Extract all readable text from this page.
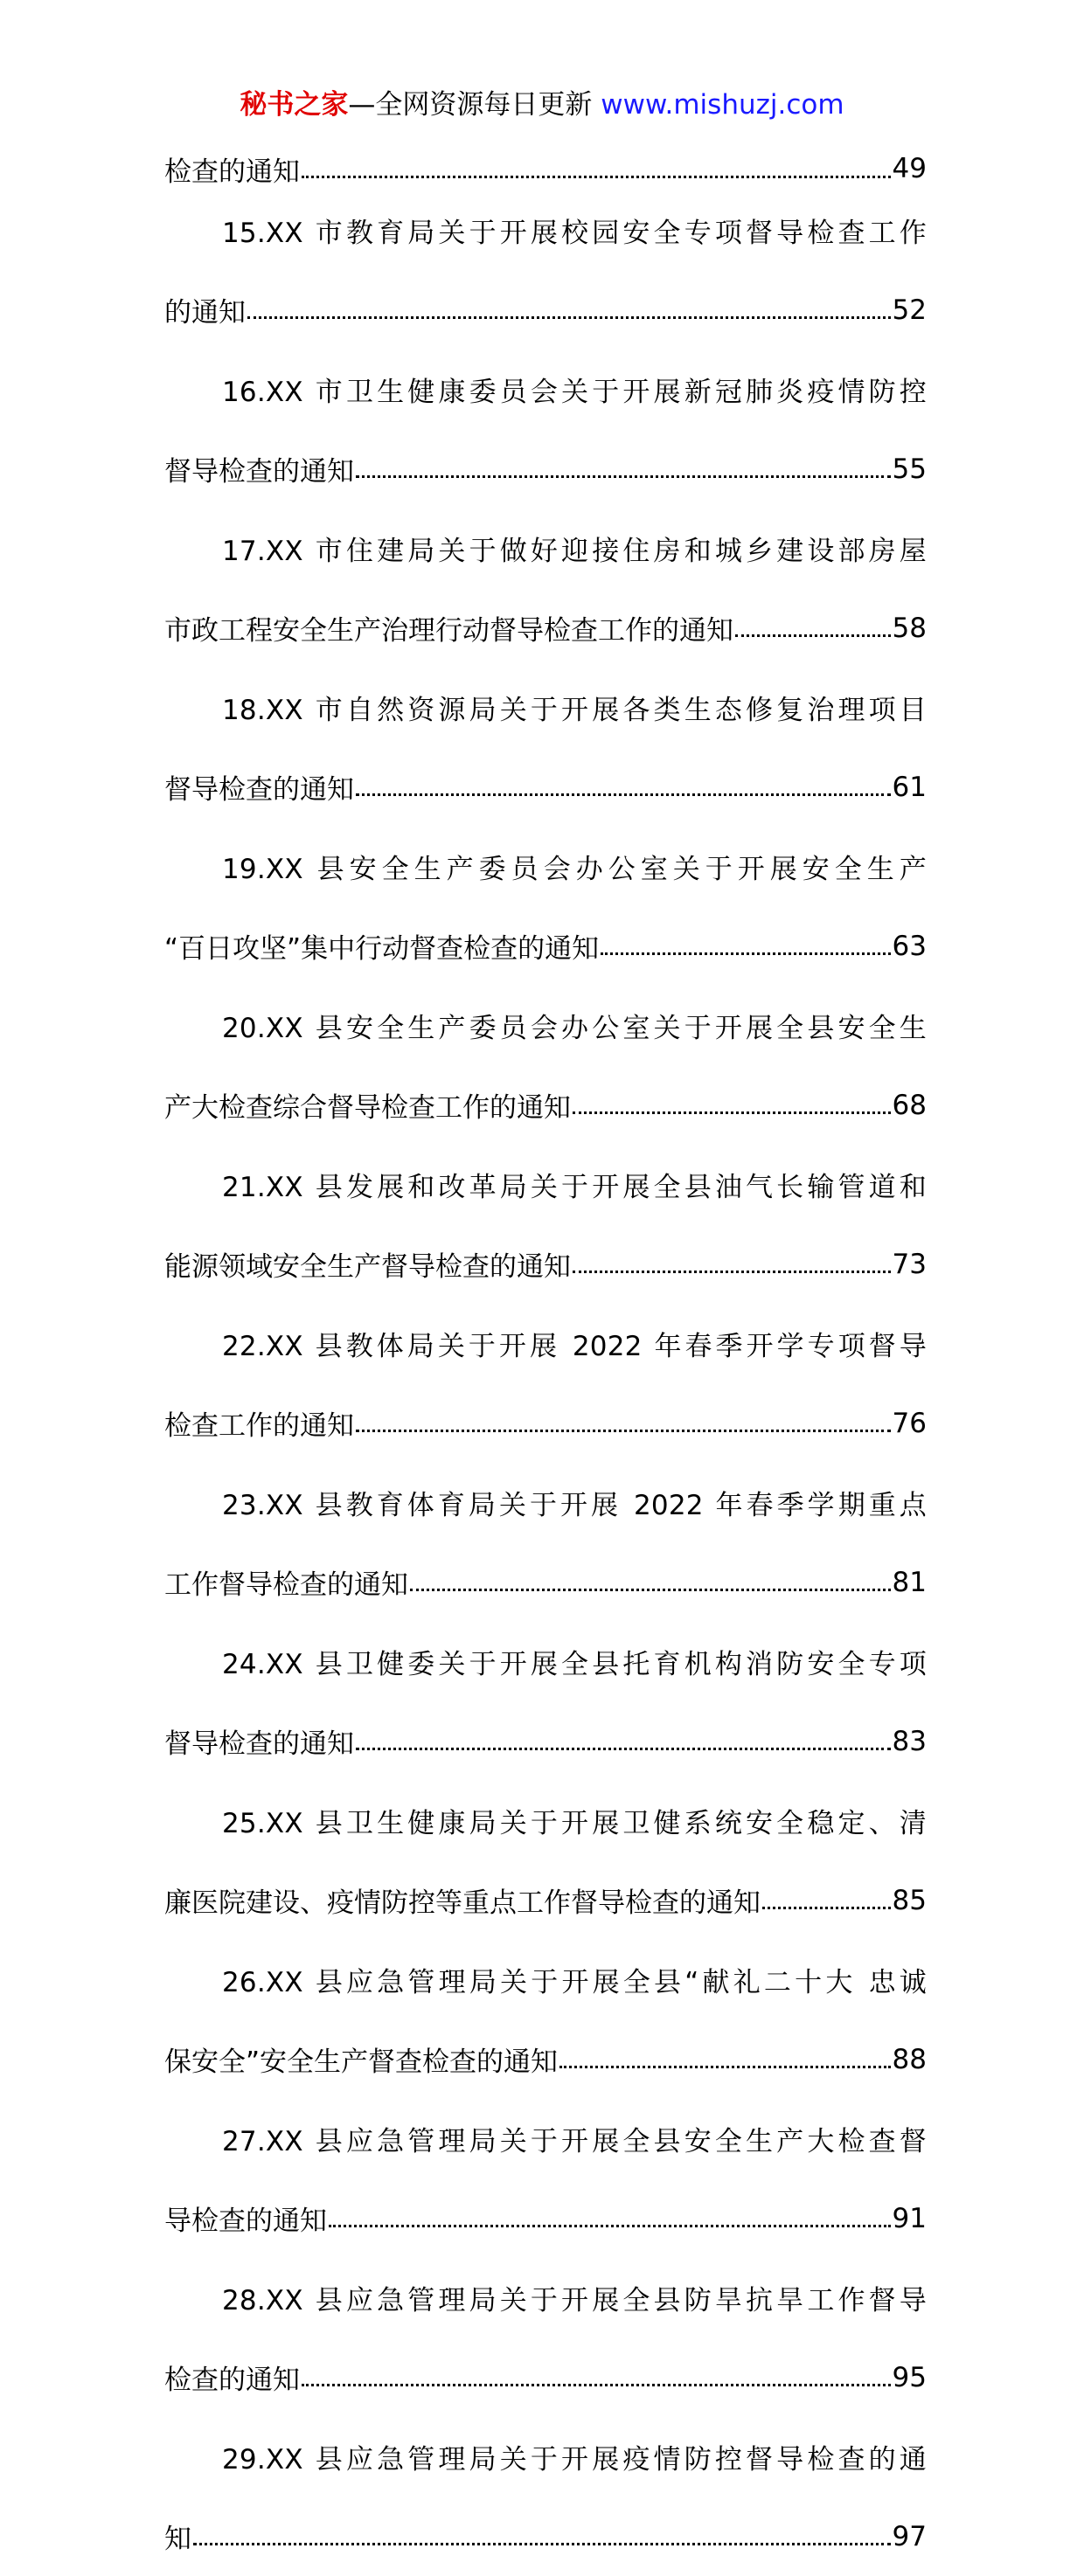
秘书之家—全网资源每日更新 www.mishuzj.com
检查的通知	49
15.XX 市教育局关于开展校园安全专项督导检查工作
的通知	52
16.XX 市卫生健康委员会关于开展新冠肺炎疫情防控
督导检查的通知	55
17.XX 市住建局关于做好迎接住房和城乡建设部房屋
市政工程安全生产治理行动督导检查工作的通知	58
18.XX 市自然资源局关于开展各类生态修复治理项目
督导检查的通知	61
19.XX 县安全生产委员会办公室关于开展安全生产
“百日攻坚”集中行动督查检查的通知	63
20.XX 县安全生产委员会办公室关于开展全县安全生
产大检查综合督导检查工作的通知	68
21.XX 县发展和改革局关于开展全县油气长输管道和
能源领域安全生产督导检查的通知	73
22.XX 县教体局关于开展 2022 年春季开学专项督导
检查工作的通知	76
23.XX 县教育体育局关于开展 2022 年春季学期重点
工作督导检查的通知	81
24.XX 县卫健委关于开展全县托育机构消防安全专项
督导检查的通知	83
25.XX 县卫生健康局关于开展卫健系统安全稳定、清
廉医院建设、疫情防控等重点工作督导检查的通知	85
26.XX 县应急管理局关于开展全县“献礼二十大 忠诚
保安全”安全生产督查检查的通知	88
27.XX 县应急管理局关于开展全县安全生产大检查督
导检查的通知	91
28.XX 县应急管理局关于开展全县防旱抗旱工作督导
检查的通知	95
29.XX 县应急管理局关于开展疫情防控督导检查的通
知	97
